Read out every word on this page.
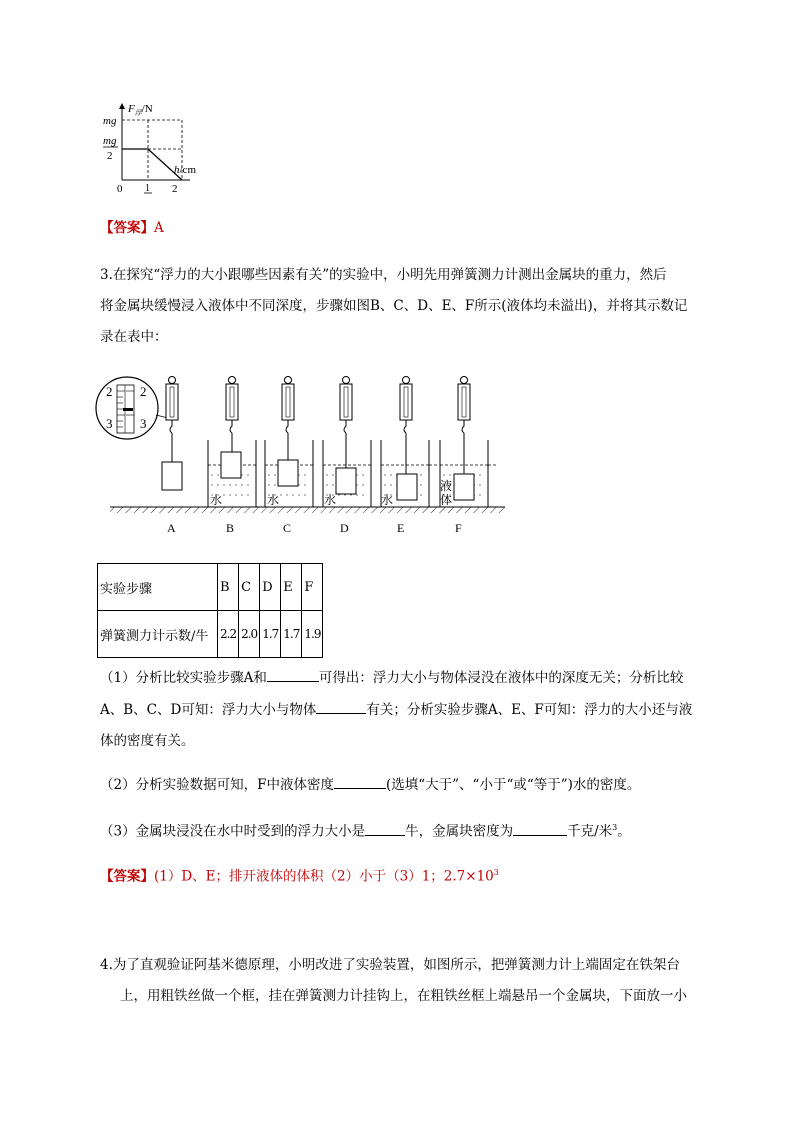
$F_浮/N$
mg
mg
2
h/cm
0 1 2
【答案】A
3.在探究“浮力的大小跟哪些因素有关”的实验中，小明先用弹簧测力计测出金属块的重力，然后
将金属块缓慢浸入液体中不同深度，步骤如图B、C、D、E、F所示(液体均未溢出)，并将其示数记
录在表中：
2 2
3 3
A	B	C	D	E	F
水	水	水	水
液
体
实验步骤	B	C	D	E	F
弹簧测力计示数/牛	2.2	2.0	1.7	1.7	1.9
（1）分析比较实验步骤A和	可得出：浮力大小与物体浸没在液体中的深度无关；分析比较
A、B、C、D可知：浮力大小与物体	有关；分析实验步骤A、E、F可知：浮力的大小还与液
体的密度有关。
（2）分析实验数据可知，F中液体密度	(选填“大于”、“小于“或“等于”)水的密度。
（3）金属块浸没在水中时受到的浮力大小是	牛，金属块密度为	千克/米$^3$。
【答案】(1）D、E；排开液体的体积（2）小于（3）1；$2.7\times 10^3$
4.为了直观验证阿基米德原理，小明改进了实验装置，如图所示，把弹簧测力计上端固定在铁架台
上，用粗铁丝做一个框，挂在弹簧测力计挂钩上，在粗铁丝框上端悬吊一个金属块，下面放一小
